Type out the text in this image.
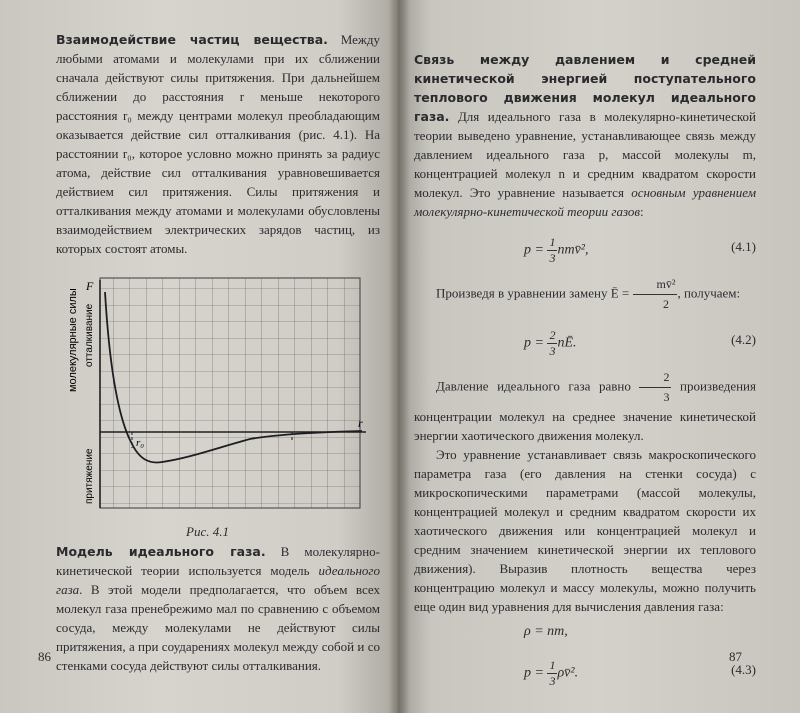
Взаимодействие частиц вещества. Между любыми атомами и молекулами при их сближении сначала действуют силы притяжения. При дальнейшем сближении до расстояния r меньше некоторого расстояния r₀ между центрами молекул преобладающим оказывается действие сил отталкивания (рис. 4.1). На расстоянии r₀, которое условно можно принять за радиус атома, действие сил отталкивания уравновешивается действием сил притяжения. Силы притяжения и отталкивания между атомами и молекулами обусловлены взаимодействием электрических зарядов частиц, из которых состоят атомы.

F
r
r₀
молекулярные силы отталкивание
притяжение
Рис. 4.1

Модель идеального газа. В молекулярно-кинетической теории используется модель идеального газа. В этой модели предполагается, что объем всех молекул газа пренебрежимо мал по сравнению с объемом сосуда, между молекулами не действуют силы притяжения, а при соударениях молекул между собой и со стенками сосуда действуют силы отталкивания.

86

Связь между давлением и средней кинетической энергией поступательного теплового движения молекул идеального газа. Для идеального газа в молекулярно-кинетической теории выведено уравнение, устанавливающее связь между давлением идеального газа p, массой молекулы m, концентрацией молекул n и средним квадратом скорости молекул. Это уравнение называется основным уравнением молекулярно-кинетической теории газов:

$p = \frac{1}{3}$ nmv̄²,	(4.1)

Произведя в уравнении замену Ē = $\frac{\text{mv̄²}}{2}$ , получаем:

$p = \frac{2}{3}$ nĒ.	(4.2)

Давление идеального газа равно $\frac{2}{3}$ произведения концентрации молекул на среднее значение кинетической энергии хаотического движения молекул.

Это уравнение устанавливает связь макроскопического параметра газа (его давления на стенки сосуда) с микроскопическими параметрами (массой молекулы, концентрацией молекул и средним квадратом скорости их хаотического движения или концентрацией молекул и средним значением кинетической энергии их теплового движения). Выразив плотность вещества через концентрацию молекул и массу молекулы, можно получить еще один вид уравнения для вычисления давления газа:

ρ = nm,
$p = \frac{1}{3}$ ρv̄².	(4.3)
87
